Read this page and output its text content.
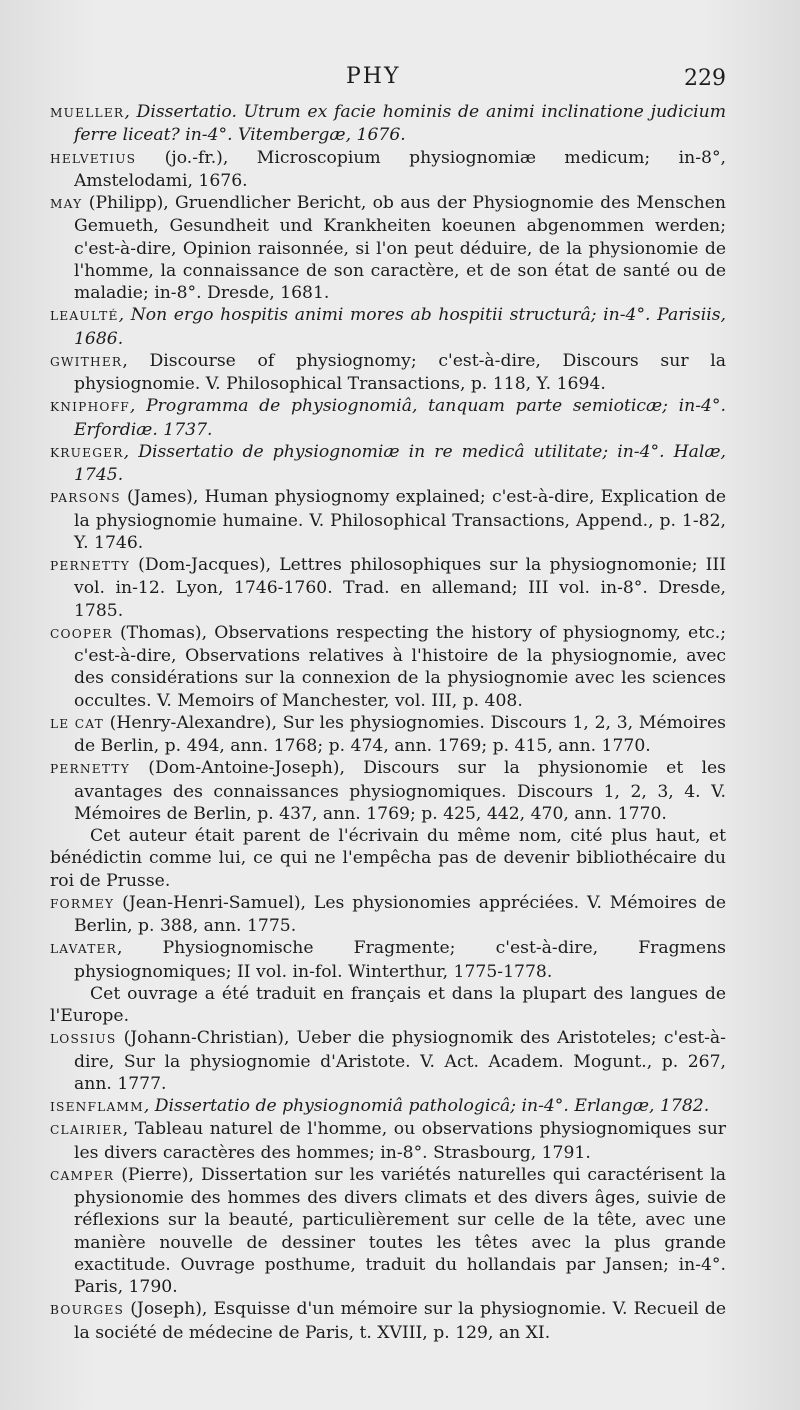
PHY	229

MUELLER, Dissertatio. Utrum ex facie hominis de animi inclinatione judicium ferre liceat? in-4°. Vitembergæ, 1676.

HELVETIUS (jo.-fr.), Microscopium physiognomiæ medicum; in-8°, Amstelodami, 1676.

MAY (Philipp), Gruendlicher Bericht, ob aus der Physiognomie des Menschen Gemueth, Gesundheit und Krankheiten koeunen abgenommen werden; c'est-à-dire, Opinion raisonnée, si l'on peut déduire, de la physionomie de l'homme, la connaissance de son caractère, et de son état de santé ou de maladie; in-8°. Dresde, 1681.

LEAULTÉ, Non ergo hospitis animi mores ab hospitii structurâ; in-4°. Parisiis, 1686.

GWITHER, Discourse of physiognomy; c'est-à-dire, Discours sur la physiognomie. V. Philosophical Transactions, p. 118, Y. 1694.

KNIPHOFF, Programma de physiognomiâ, tanquam parte semioticæ; in-4°. Erfordiæ. 1737.

KRUEGER, Dissertatio de physiognomiæ in re medicâ utilitate; in-4°. Halæ, 1745.

PARSONS (James), Human physiognomy explained; c'est-à-dire, Explication de la physiognomie humaine. V. Philosophical Transactions, Append., p. 1-82, Y. 1746.

PERNETTY (Dom-Jacques), Lettres philosophiques sur la physiognomonie; III vol. in-12. Lyon, 1746-1760. Trad. en allemand; III vol. in-8°. Dresde, 1785.

COOPER (Thomas), Observations respecting the history of physiognomy, etc.; c'est-à-dire, Observations relatives à l'histoire de la physiognomie, avec des considérations sur la connexion de la physiognomie avec les sciences occultes. V. Memoirs of Manchester, vol. III, p. 408.

LE CAT (Henry-Alexandre), Sur les physiognomies. Discours 1, 2, 3, Mémoires de Berlin, p. 494, ann. 1768; p. 474, ann. 1769; p. 415, ann. 1770.

PERNETTY (Dom-Antoine-Joseph), Discours sur la physionomie et les avantages des connaissances physiognomiques. Discours 1, 2, 3, 4. V. Mémoires de Berlin, p. 437, ann. 1769; p. 425, 442, 470, ann. 1770.

Cet auteur était parent de l'écrivain du même nom, cité plus haut, et bénédictin comme lui, ce qui ne l'empêcha pas de devenir bibliothécaire du roi de Prusse.

FORMEY (Jean-Henri-Samuel), Les physionomies appréciées. V. Mémoires de Berlin, p. 388, ann. 1775.

LAVATER, Physiognomische Fragmente; c'est-à-dire, Fragmens physiognomiques; II vol. in-fol. Winterthur, 1775-1778.

Cet ouvrage a été traduit en français et dans la plupart des langues de l'Europe.

LOSSIUS (Johann-Christian), Ueber die physiognomik des Aristoteles; c'est-à-dire, Sur la physiognomie d'Aristote. V. Act. Academ. Mogunt., p. 267, ann. 1777.

ISENFLAMM, Dissertatio de physiognomiâ pathologicâ; in-4°. Erlangæ, 1782.

CLAIRIER, Tableau naturel de l'homme, ou observations physiognomiques sur les divers caractères des hommes; in-8°. Strasbourg, 1791.

CAMPER (Pierre), Dissertation sur les variétés naturelles qui caractérisent la physionomie des hommes des divers climats et des divers âges, suivie de réflexions sur la beauté, particulièrement sur celle de la tête, avec une manière nouvelle de dessiner toutes les têtes avec la plus grande exactitude. Ouvrage posthume, traduit du hollandais par Jansen; in-4°. Paris, 1790.

BOURGES (Joseph), Esquisse d'un mémoire sur la physiognomie. V. Recueil de la société de médecine de Paris, t. XVIII, p. 129, an XI.
